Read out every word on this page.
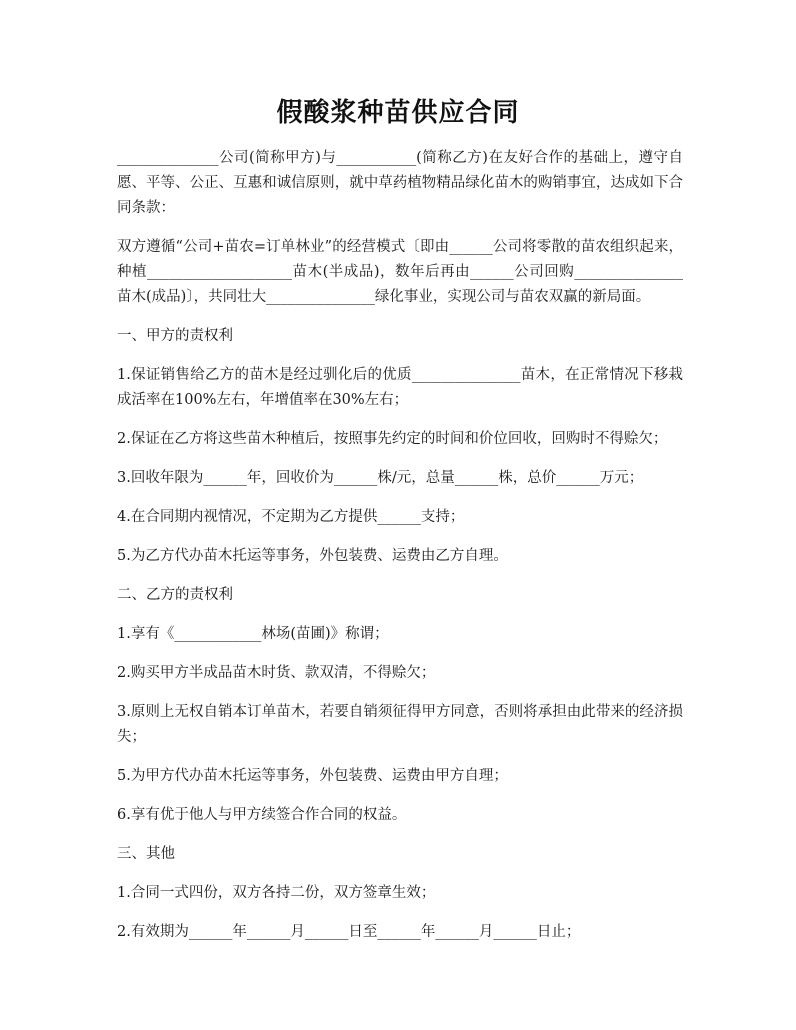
假酸浆种苗供应合同

______________公司(简称甲方)与___________(简称乙方)在友好合作的基础上，遵守自愿、平等、公正、互惠和诚信原则，就中草药植物精品绿化苗木的购销事宜，达成如下合同条款：

双方遵循“公司+苗农=订单林业”的经营模式〔即由______公司将零散的苗农组织起来，种植____________________苗木(半成品)，数年后再由______公司回购_______________苗木(成品)〕，共同壮大_______________绿化事业，实现公司与苗农双赢的新局面。

一、甲方的责权利

1.保证销售给乙方的苗木是经过驯化后的优质_______________苗木，在正常情况下移栽成活率在100%左右，年增值率在30%左右；

2.保证在乙方将这些苗木种植后，按照事先约定的时间和价位回收，回购时不得赊欠；

3.回收年限为______年，回收价为______株/元，总量______株，总价______万元；

4.在合同期内视情况，不定期为乙方提供______支持；

5.为乙方代办苗木托运等事务，外包装费、运费由乙方自理。

二、乙方的责权利

1.享有《____________林场(苗圃)》称谓；

2.购买甲方半成品苗木时货、款双清，不得赊欠；

3.原则上无权自销本订单苗木，若要自销须征得甲方同意，否则将承担由此带来的经济损失；

5.为甲方代办苗木托运等事务，外包装费、运费由甲方自理；

6.享有优于他人与甲方续签合作合同的权益。

三、其他

1.合同一式四份，双方各持二份，双方签章生效；

2.有效期为______年______月______日至______年______月______日止；
